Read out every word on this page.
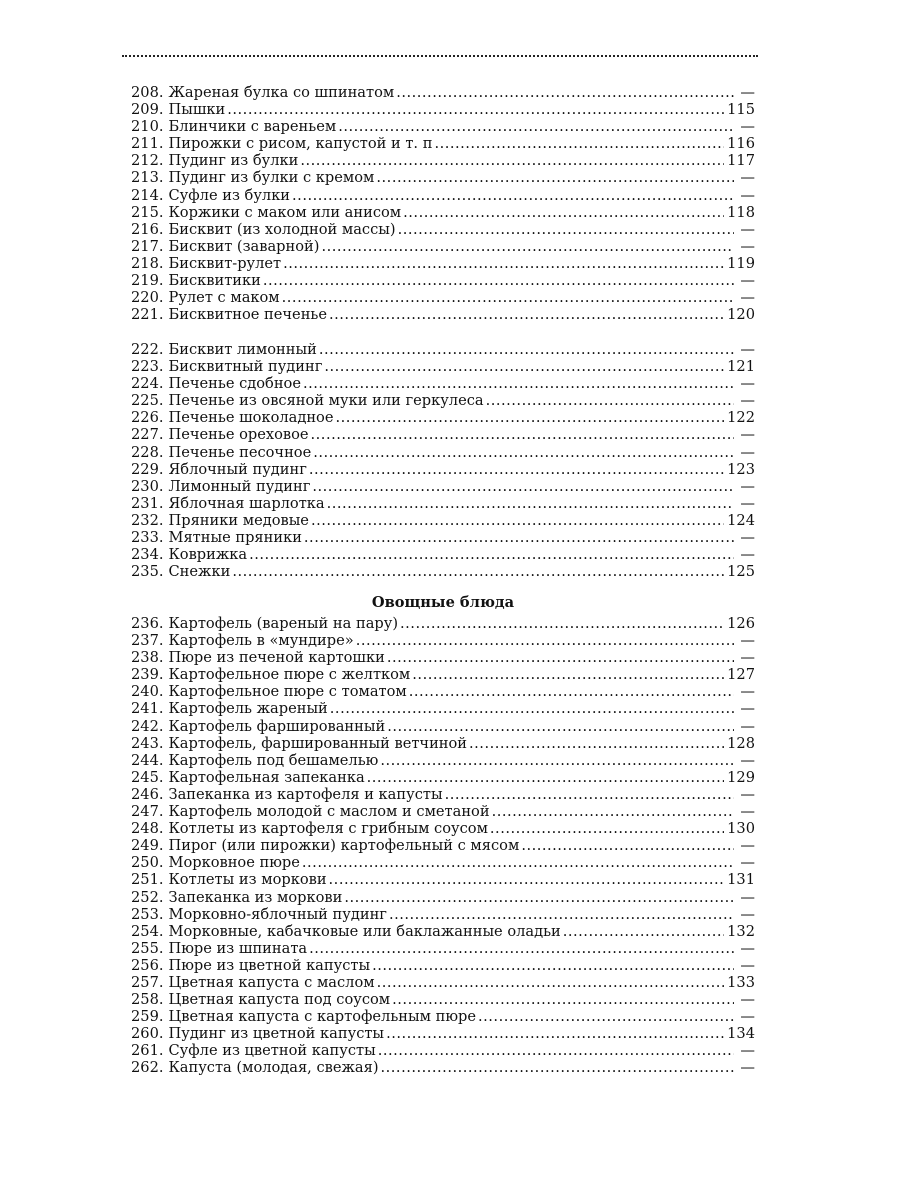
208. Жареная булка со шпинатом .....	—
209. Пышки .....	115
210. Блинчики с вареньем .....	—
211. Пирожки с рисом, капустой и т. п .....	116
212. Пудинг из булки .....	117
213. Пудинг из булки с кремом .....	—
214. Суфле из булки .....	—
215. Коржики с маком или анисом .....	118
216. Бисквит (из холодной массы) .....	—
217. Бисквит (заварной) .....	—
218. Бисквит-рулет .....	119
219. Бисквитики .....	—
220. Рулет с маком .....	—
221. Бисквитное печенье .....	120
222. Бисквит лимонный .....	—
223. Бисквитный пудинг .....	121
224. Печенье сдобное .....	—
225. Печенье из овсяной муки или геркулеса .....	—
226. Печенье шоколадное .....	122
227. Печенье ореховое .....	—
228. Печенье песочное .....	—
229. Яблочный пудинг .....	123
230. Лимонный пудинг .....	—
231. Яблочная шарлотка .....	—
232. Пряники медовые .....	124
233. Мятные пряники .....	—
234. Коврижка .....	—
235. Снежки .....	125
Овощные блюда
236. Картофель (вареный на пару) .....	126
237. Картофель в «мундире» .....	—
238. Пюре из печеной картошки .....	—
239. Картофельное пюре с желтком .....	127
240. Картофельное пюре с томатом .....	—
241. Картофель жареный .....	—
242. Картофель фаршированный .....	—
243. Картофель, фаршированный ветчиной .....	128
244. Картофель под бешамелью .....	—
245. Картофельная запеканка .....	129
246. Запеканка из картофеля и капусты .....	—
247. Картофель молодой с маслом и сметаной .....	—
248. Котлеты из картофеля с грибным соусом .....	130
249. Пирог (или пирожки) картофельный с мясом .....	—
250. Морковное пюре .....	—
251. Котлеты из моркови .....	131
252. Запеканка из моркови .....	—
253. Морковно-яблочный пудинг .....	—
254. Морковные, кабачковые или баклажанные оладьи .....	132
255. Пюре из шпината .....	—
256. Пюре из цветной капусты .....	—
257. Цветная капуста с маслом .....	133
258. Цветная капуста под соусом .....	—
259. Цветная капуста с картофельным пюре .....	—
260. Пудинг из цветной капусты .....	134
261. Суфле из цветной капусты .....	—
262. Капуста (молодая, свежая) .....	—
